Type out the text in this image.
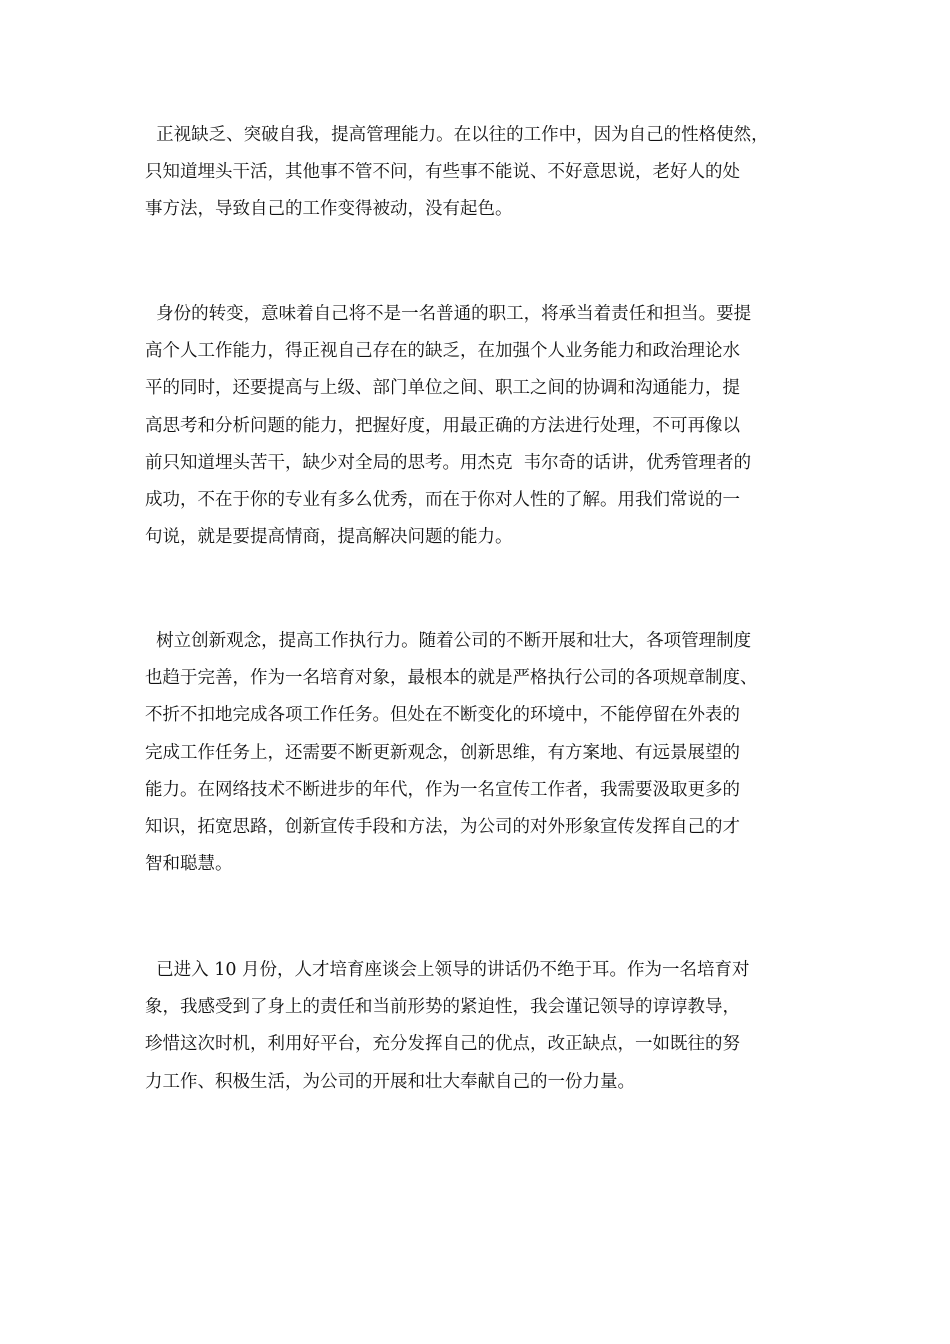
正视缺乏、突破自我，提高管理能力。在以往的工作中，因为自己的性格使然，
只知道埋头干活，其他事不管不问，有些事不能说、不好意思说，老好人的处
事方法，导致自己的工作变得被动，没有起色。

身份的转变，意味着自己将不是一名普通的职工，将承当着责任和担当。要提
高个人工作能力，得正视自己存在的缺乏，在加强个人业务能力和政治理论水
平的同时，还要提高与上级、部门单位之间、职工之间的协调和沟通能力，提
高思考和分析问题的能力，把握好度，用最正确的方法进行处理，不可再像以
前只知道埋头苦干，缺少对全局的思考。用杰克  韦尔奇的话讲，优秀管理者的
成功，不在于你的专业有多么优秀，而在于你对人性的了解。用我们常说的一
句说，就是要提高情商，提高解决问题的能力。

树立创新观念，提高工作执行力。随着公司的不断开展和壮大，各项管理制度
也趋于完善，作为一名培育对象，最根本的就是严格执行公司的各项规章制度、
不折不扣地完成各项工作任务。但处在不断变化的环境中，不能停留在外表的
完成工作任务上，还需要不断更新观念，创新思维，有方案地、有远景展望的
能力。在网络技术不断进步的年代，作为一名宣传工作者，我需要汲取更多的
知识，拓宽思路，创新宣传手段和方法，为公司的对外形象宣传发挥自己的才
智和聪慧。

已进入 10 月份，人才培育座谈会上领导的讲话仍不绝于耳。作为一名培育对
象，我感受到了身上的责任和当前形势的紧迫性，我会谨记领导的谆谆教导，
珍惜这次时机，利用好平台，充分发挥自己的优点，改正缺点，一如既往的努
力工作、积极生活，为公司的开展和壮大奉献自己的一份力量。
